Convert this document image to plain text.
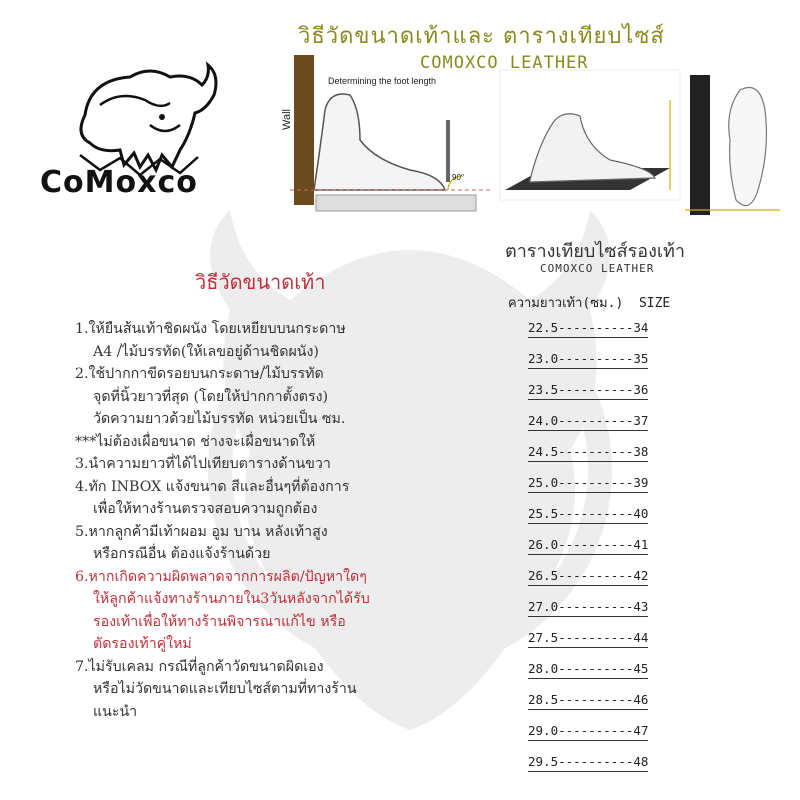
CoMoxco
วิธีวัดขนาดเท้าและ ตารางเทียบไซส์
COMOXCO LEATHER
Wall
Determining the foot length
90°
ตารางเทียบไซส์รองเท้า
COMOXCO LEATHER
ความยาวเท้า(ซม.) SIZE
22.5----------34
23.0----------35
23.5----------36
24.0----------37
24.5----------38
25.0----------39
25.5----------40
26.0----------41
26.5----------42
27.0----------43
27.5----------44
28.0----------45
28.5----------46
29.0----------47
29.5----------48
วิธีวัดขนาดเท้า
1.ให้ยืนส้นเท้าชิดผนัง โดยเหยียบบนกระดาษ
A4 /ไม้บรรทัด(ให้เลขอยู่ด้านชิดผนัง)
2.ใช้ปากกาขีดรอยบนกระดาษ/ไม้บรรทัด
จุดที่นิ้วยาวที่สุด (โดยให้ปากกาตั้งตรง)
วัดความยาวด้วยไม้บรรทัด หน่วยเป็น ซม.
***ไม่ต้องเผื่อขนาด ช่างจะเผื่อขนาดให้
3.นำความยาวที่ได้ไปเทียบตารางด้านขวา
4.ทัก INBOX แจ้งขนาด สีและอื่นๆที่ต้องการ
เพื่อให้ทางร้านตรวจสอบความถูกต้อง
5.หากลูกค้ามีเท้าผอม อูม บาน หลังเท้าสูง
หรือกรณีอื่น ต้องแจ้งร้านด้วย
6.หากเกิดความผิดพลาดจากการผลิต/ปัญหาใดๆ
ให้ลูกค้าแจ้งทางร้านภายใน3วันหลังจากได้รับ
รองเท้าเพื่อให้ทางร้านพิจารณาแก้ไข หรือ
ตัดรองเท้าคู่ใหม่
7.ไม่รับเคลม กรณีที่ลูกค้าวัดขนาดผิดเอง
หรือไม่วัดขนาดและเทียบไซส์ตามที่ทางร้าน
แนะนำ
